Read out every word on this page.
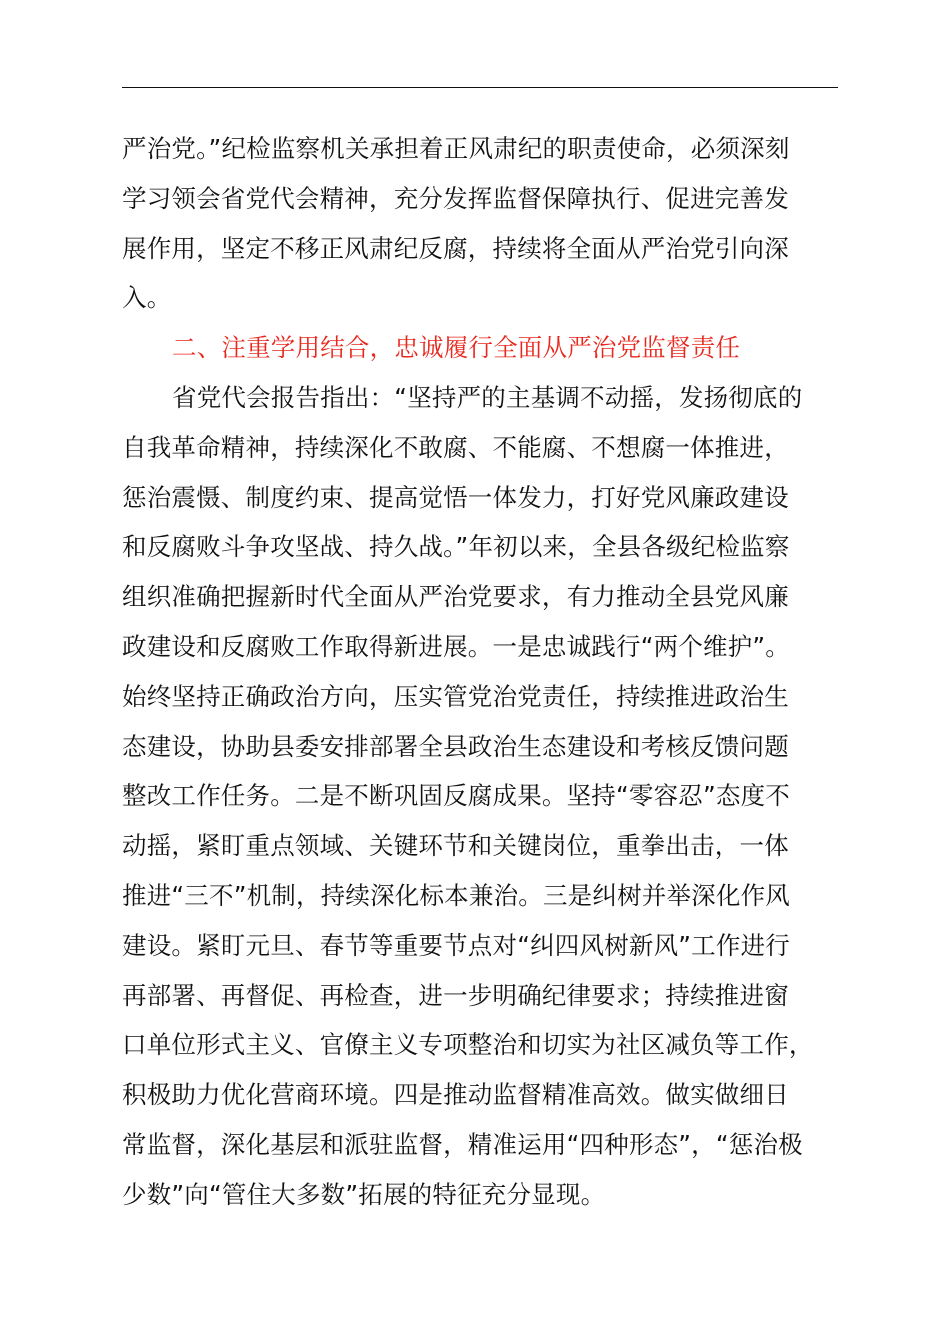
严治党。”纪检监察机关承担着正风肃纪的职责使命，必须深刻
学习领会省党代会精神，充分发挥监督保障执行、促进完善发
展作用，坚定不移正风肃纪反腐，持续将全面从严治党引向深
入。
二、注重学用结合，忠诚履行全面从严治党监督责任
省党代会报告指出：“坚持严的主基调不动摇，发扬彻底的
自我革命精神，持续深化不敢腐、不能腐、不想腐一体推进，
惩治震慑、制度约束、提高觉悟一体发力，打好党风廉政建设
和反腐败斗争攻坚战、持久战。”年初以来，全县各级纪检监察
组织准确把握新时代全面从严治党要求，有力推动全县党风廉
政建设和反腐败工作取得新进展。一是忠诚践行“两个维护”。
始终坚持正确政治方向，压实管党治党责任，持续推进政治生
态建设，协助县委安排部署全县政治生态建设和考核反馈问题
整改工作任务。二是不断巩固反腐成果。坚持“零容忍”态度不
动摇，紧盯重点领域、关键环节和关键岗位，重拳出击，一体
推进“三不”机制，持续深化标本兼治。三是纠树并举深化作风
建设。紧盯元旦、春节等重要节点对“纠四风树新风”工作进行
再部署、再督促、再检查，进一步明确纪律要求；持续推进窗
口单位形式主义、官僚主义专项整治和切实为社区减负等工作，
积极助力优化营商环境。四是推动监督精准高效。做实做细日
常监督，深化基层和派驻监督，精准运用“四种形态”，“惩治极
少数”向“管住大多数”拓展的特征充分显现。
